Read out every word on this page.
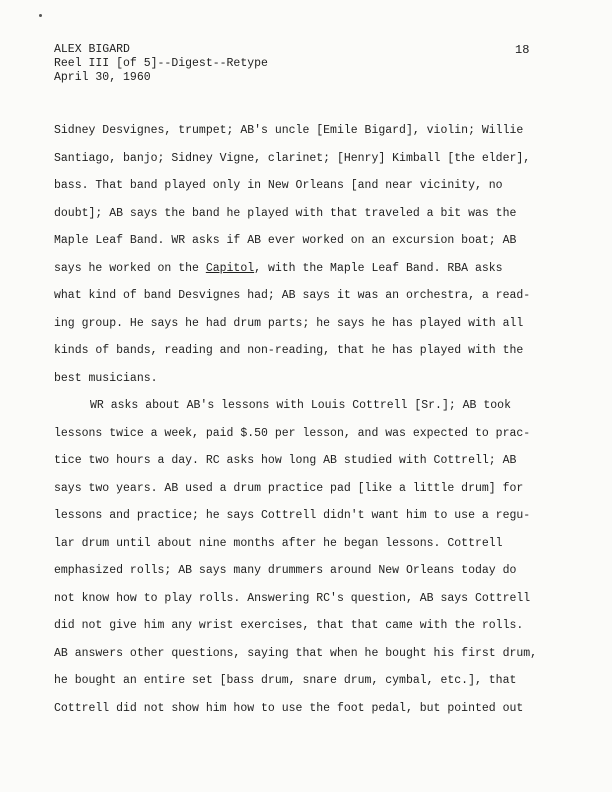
ALEX BIGARD
Reel III [of 5]--Digest--Retype
April 30, 1960
18
Sidney Desvignes, trumpet; AB's uncle [Emile Bigard], violin; Willie
Santiago, banjo; Sidney Vigne, clarinet; [Henry] Kimball [the elder],
bass. That band played only in New Orleans [and near vicinity, no
doubt]; AB says the band he played with that traveled a bit was the
Maple Leaf Band. WR asks if AB ever worked on an excursion boat; AB
says he worked on the Capitol, with the Maple Leaf Band. RBA asks
what kind of band Desvignes had; AB says it was an orchestra, a read-
ing group. He says he had drum parts; he says he has played with all
kinds of bands, reading and non-reading, that he has played with the
best musicians.
WR asks about AB's lessons with Louis Cottrell [Sr.]; AB took
lessons twice a week, paid $.50 per lesson, and was expected to prac-
tice two hours a day. RC asks how long AB studied with Cottrell; AB
says two years. AB used a drum practice pad [like a little drum] for
lessons and practice; he says Cottrell didn't want him to use a regu-
lar drum until about nine months after he began lessons. Cottrell
emphasized rolls; AB says many drummers around New Orleans today do
not know how to play rolls. Answering RC's question, AB says Cottrell
did not give him any wrist exercises, that that came with the rolls.
AB answers other questions, saying that when he bought his first drum,
he bought an entire set [bass drum, snare drum, cymbal, etc.], that
Cottrell did not show him how to use the foot pedal, but pointed out
